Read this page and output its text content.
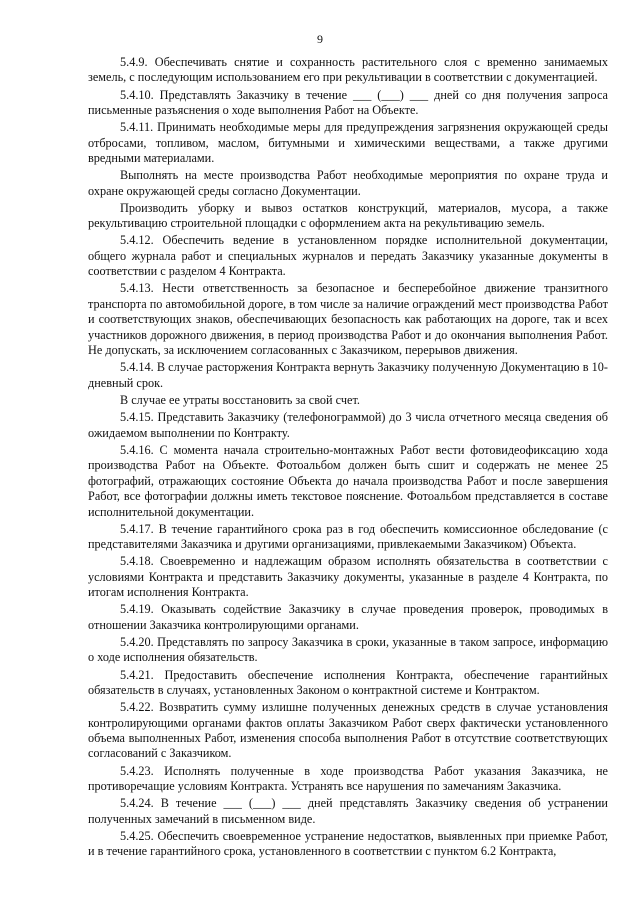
9

5.4.9. Обеспечивать снятие и сохранность растительного слоя с временно занимаемых земель, с последующим использованием его при рекультивации в соответствии с документацией.

5.4.10. Представлять Заказчику в течение ___ (___) ___ дней со дня получения запроса письменные разъяснения о ходе выполнения Работ на Объекте.

5.4.11. Принимать необходимые меры для предупреждения загрязнения окружающей среды отбросами, топливом, маслом, битумными и химическими веществами, а также другими вредными материалами.

Выполнять на месте производства Работ необходимые мероприятия по охране труда и охране окружающей среды согласно Документации.

Производить уборку и вывоз остатков конструкций, материалов, мусора, а также рекультивацию строительной площадки с оформлением акта на рекультивацию земель.

5.4.12. Обеспечить ведение в установленном порядке исполнительной документации, общего журнала работ и специальных журналов и передать Заказчику указанные документы в соответствии с разделом 4 Контракта.

5.4.13. Нести ответственность за безопасное и бесперебойное движение транзитного транспорта по автомобильной дороге, в том числе за наличие ограждений мест производства Работ и соответствующих знаков, обеспечивающих безопасность как работающих на дороге, так и всех участников дорожного движения, в период производства Работ и до окончания выполнения Работ. Не допускать, за исключением согласованных с Заказчиком, перерывов движения.

5.4.14. В случае расторжения Контракта вернуть Заказчику полученную Документацию в 10-дневный срок.

В случае ее утраты восстановить за свой счет.

5.4.15. Представить Заказчику (телефонограммой) до 3 числа отчетного месяца сведения об ожидаемом выполнении по Контракту.

5.4.16. С момента начала строительно-монтажных Работ вести фотовидеофиксацию хода производства Работ на Объекте. Фотоальбом должен быть сшит и содержать не менее 25 фотографий, отражающих состояние Объекта до начала производства Работ и после завершения Работ, все фотографии должны иметь текстовое пояснение. Фотоальбом представляется в составе исполнительной документации.

5.4.17. В течение гарантийного срока раз в год обеспечить комиссионное обследование (с представителями Заказчика и другими организациями, привлекаемыми Заказчиком) Объекта.

5.4.18. Своевременно и надлежащим образом исполнять обязательства в соответствии с условиями Контракта и представить Заказчику документы, указанные в разделе 4 Контракта, по итогам исполнения Контракта.

5.4.19. Оказывать содействие Заказчику в случае проведения проверок, проводимых в отношении Заказчика контролирующими органами.

5.4.20. Представлять по запросу Заказчика в сроки, указанные в таком запросе, информацию о ходе исполнения обязательств.

5.4.21. Предоставить обеспечение исполнения Контракта, обеспечение гарантийных обязательств в случаях, установленных Законом о контрактной системе и Контрактом.

5.4.22. Возвратить сумму излишне полученных денежных средств в случае установления контролирующими органами фактов оплаты Заказчиком Работ сверх фактически установленного объема выполненных Работ, изменения способа выполнения Работ в отсутствие соответствующих согласований с Заказчиком.

5.4.23. Исполнять полученные в ходе производства Работ указания Заказчика, не противоречащие условиям Контракта. Устранять все нарушения по замечаниям Заказчика.

5.4.24. В течение ___ (___) ___ дней представлять Заказчику сведения об устранении полученных замечаний в письменном виде.

5.4.25. Обеспечить своевременное устранение недостатков, выявленных при приемке Работ, и в течение гарантийного срока, установленного в соответствии с пунктом 6.2 Контракта,
